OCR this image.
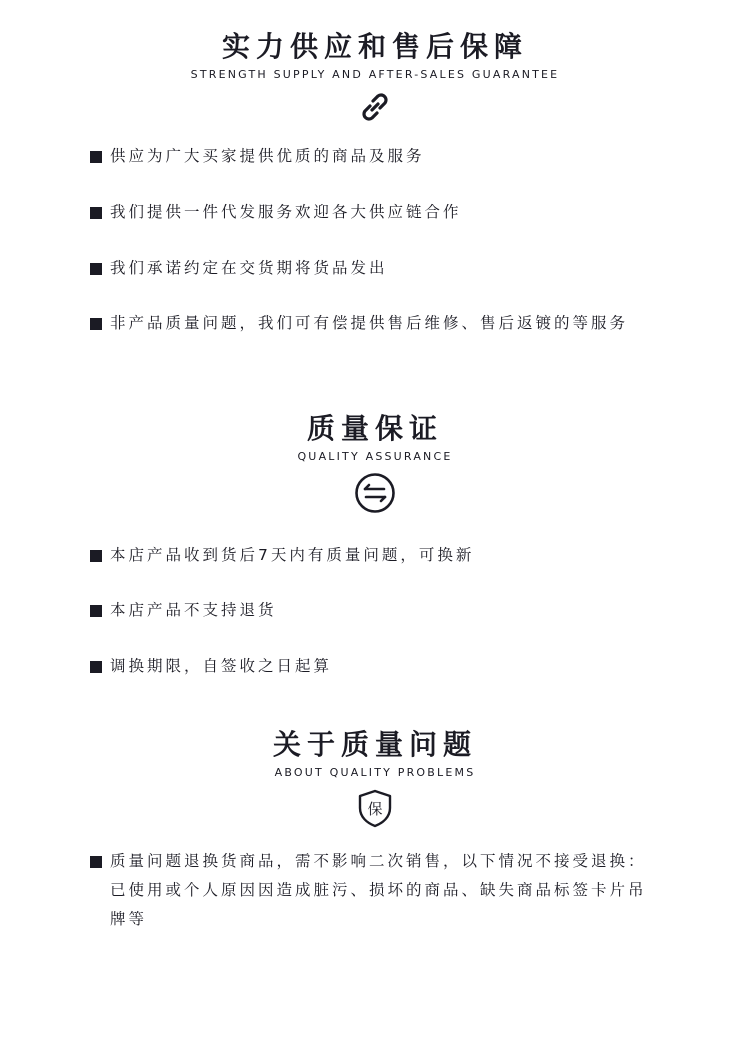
实力供应和售后保障
STRENGTH SUPPLY AND AFTER-SALES GUARANTEE
供应为广大买家提供优质的商品及服务
我们提供一件代发服务欢迎各大供应链合作
我们承诺约定在交货期将货品发出
非产品质量问题，我们可有偿提供售后维修、售后返镀的等服务
质量保证
QUALITY ASSURANCE
本店产品收到货后7天内有质量问题，可换新
本店产品不支持退货
调换期限，自签收之日起算
关于质量问题
ABOUT QUALITY PROBLEMS
保
质量问题退换货商品，需不影响二次销售，以下情况不接受退换：已使用或个人原因因造成脏污、损坏的商品、缺失商品标签卡片吊牌等
